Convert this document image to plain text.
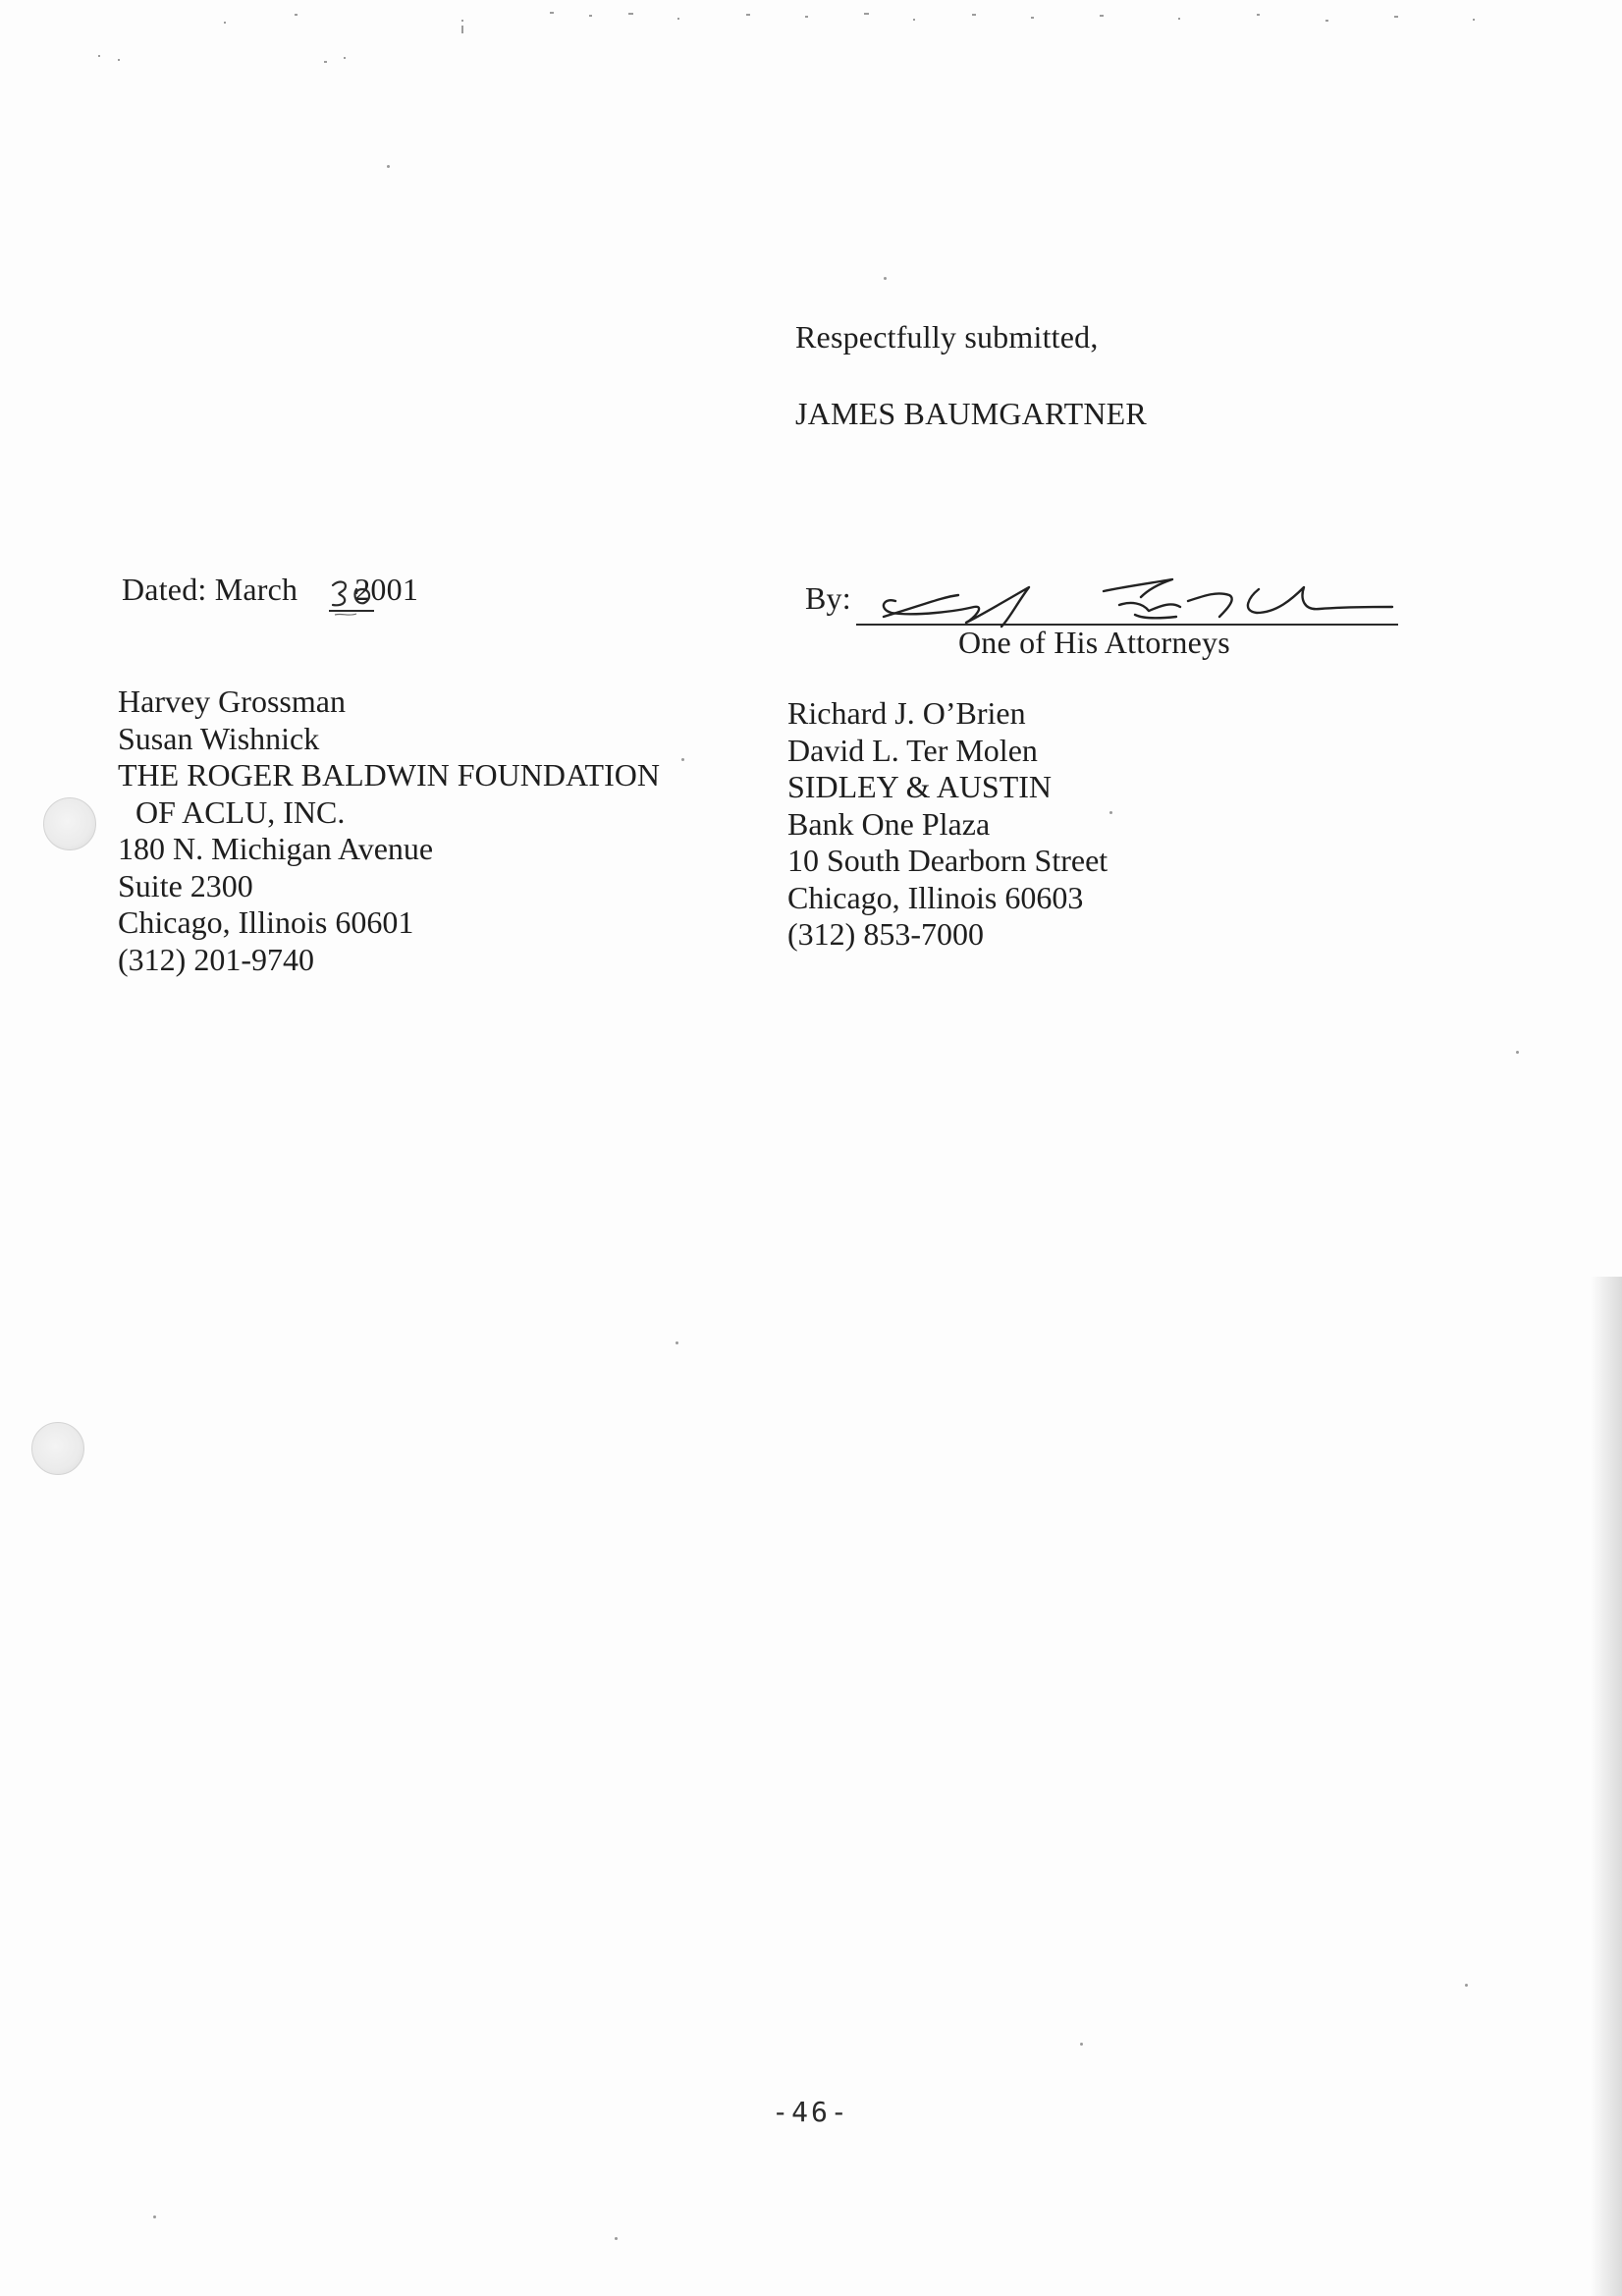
Respectfully submitted,
JAMES BAUMGARTNER
Dated: March 2001	By:
One of His Attorneys
Harvey Grossman
Susan Wishnick
THE ROGER BALDWIN FOUNDATION
OF ACLU, INC.
180 N. Michigan Avenue
Suite 2300
Chicago, Illinois 60601
(312) 201-9740
Richard J. O’Brien
David L. Ter Molen
SIDLEY & AUSTIN
Bank One Plaza
10 South Dearborn Street
Chicago, Illinois 60603
(312) 853-7000
-46-
